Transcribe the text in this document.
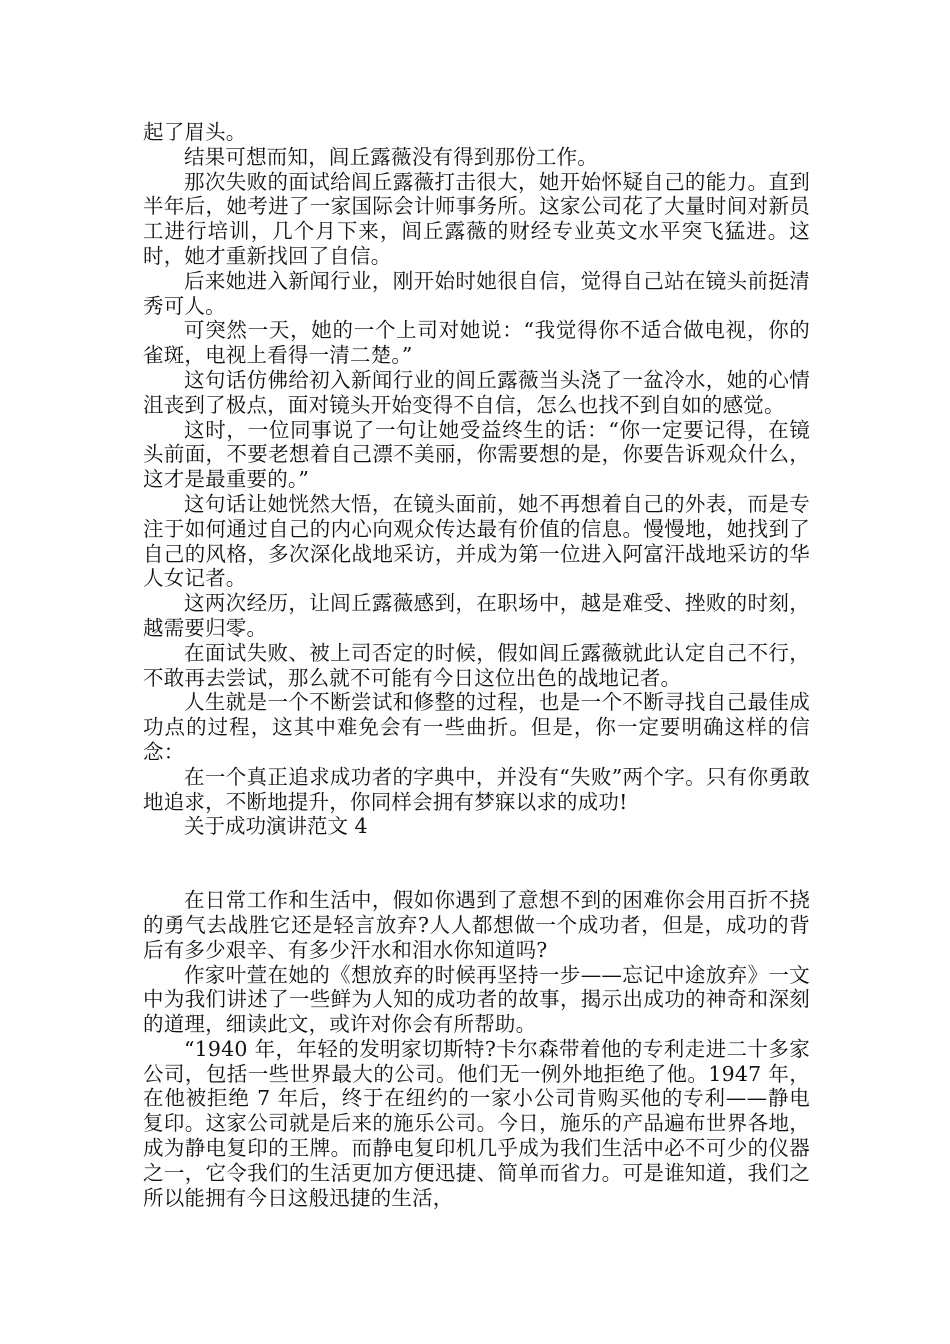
起了眉头。

结果可想而知，闾丘露薇没有得到那份工作。

那次失败的面试给闾丘露薇打击很大，她开始怀疑自己的能力。直到半年后，她考进了一家国际会计师事务所。这家公司花了大量时间对新员工进行培训，几个月下来，闾丘露薇的财经专业英文水平突飞猛进。这时，她才重新找回了自信。

后来她进入新闻行业，刚开始时她很自信，觉得自己站在镜头前挺清秀可人。

可突然一天，她的一个上司对她说：“我觉得你不适合做电视，你的雀斑，电视上看得一清二楚。”

这句话仿佛给初入新闻行业的闾丘露薇当头浇了一盆冷水，她的心情沮丧到了极点，面对镜头开始变得不自信，怎么也找不到自如的感觉。

这时，一位同事说了一句让她受益终生的话：“你一定要记得，在镜头前面，不要老想着自己漂不美丽，你需要想的是，你要告诉观众什么，这才是最重要的。”

这句话让她恍然大悟，在镜头面前，她不再想着自己的外表，而是专注于如何通过自己的内心向观众传达最有价值的信息。慢慢地，她找到了自己的风格，多次深化战地采访，并成为第一位进入阿富汗战地采访的华人女记者。

这两次经历，让闾丘露薇感到，在职场中，越是难受、挫败的时刻，越需要归零。

在面试失败、被上司否定的时候，假如闾丘露薇就此认定自己不行，不敢再去尝试，那么就不可能有今日这位出色的战地记者。

人生就是一个不断尝试和修整的过程，也是一个不断寻找自己最佳成功点的过程，这其中难免会有一些曲折。但是，你一定要明确这样的信念：

在一个真正追求成功者的字典中，并没有“失败”两个字。只有你勇敢地追求，不断地提升，你同样会拥有梦寐以求的成功!

关于成功演讲范文 4

在日常工作和生活中，假如你遇到了意想不到的困难你会用百折不挠的勇气去战胜它还是轻言放弃?人人都想做一个成功者，但是，成功的背后有多少艰辛、有多少汗水和泪水你知道吗?

作家叶萱在她的《想放弃的时候再坚持一步——忘记中途放弃》一文中为我们讲述了一些鲜为人知的成功者的故事，揭示出成功的神奇和深刻的道理，细读此文，或许对你会有所帮助。

“1940 年，年轻的发明家切斯特?卡尔森带着他的专利走进二十多家公司，包括一些世界最大的公司。他们无一例外地拒绝了他。1947 年，在他被拒绝 7 年后，终于在纽约的一家小公司肯购买他的专利——静电复印。这家公司就是后来的施乐公司。今日，施乐的产品遍布世界各地，成为静电复印的王牌。而静电复印机几乎成为我们生活中必不可少的仪器之一，它令我们的生活更加方便迅捷、简单而省力。可是谁知道，我们之所以能拥有今日这般迅捷的生活，
